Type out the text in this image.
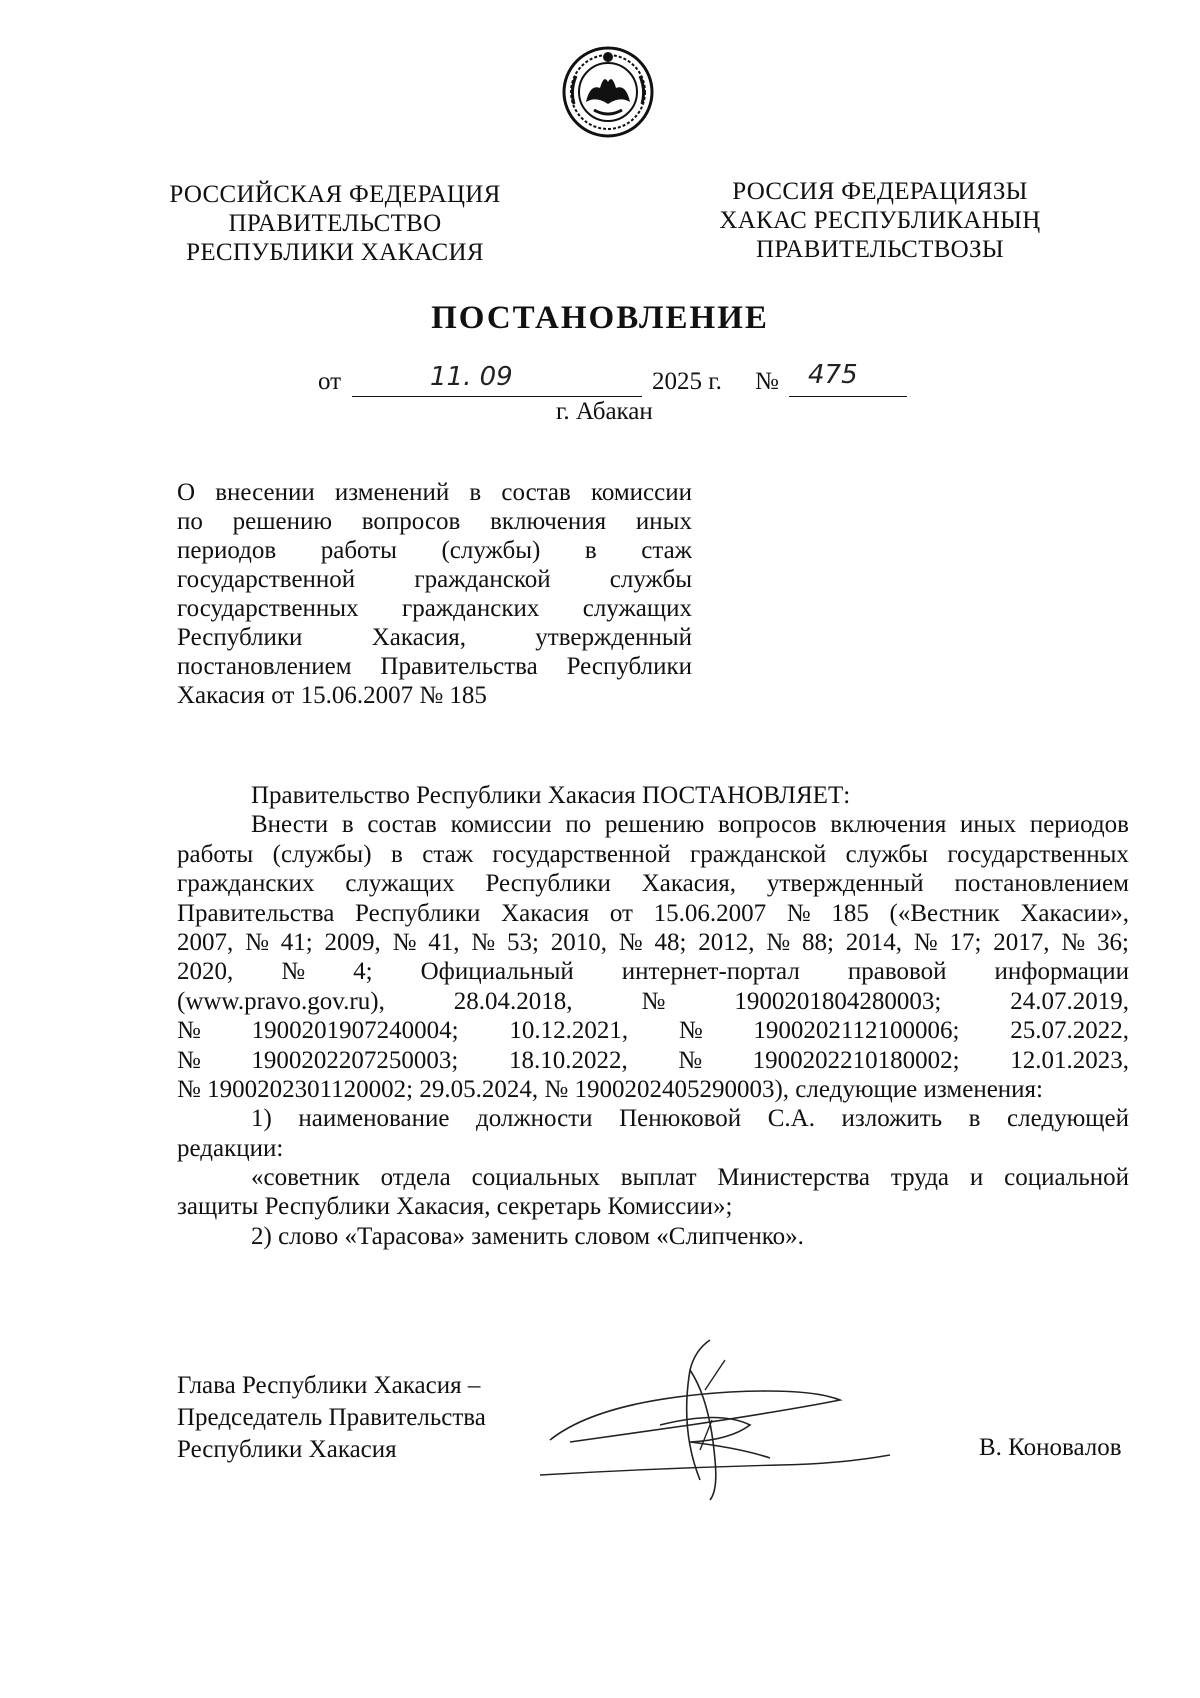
РОССИЙСКАЯ ФЕДЕРАЦИЯ
ПРАВИТЕЛЬСТВО
РЕСПУБЛИКИ ХАКАСИЯ
РОССИЯ ФЕДЕРАЦИЯЗЫ
ХАКАС РЕСПУБЛИКАНЫҢ
ПРАВИТЕЛЬСТВОЗЫ
ПОСТАНОВЛЕНИЕ
от	11. 09	2025 г. № 475
г. Абакан
О внесении изменений в состав комиссии
по решению вопросов включения иных
периодов работы (службы) в стаж
государственной гражданской службы
государственных гражданских служащих
Республики	Хакасия,	утвержденный
постановлением Правительства Республики
Хакасия от 15.06.2007 № 185
Правительство Республики Хакасия ПОСТАНОВЛЯЕТ:
Внести в состав комиссии по решению вопросов включения иных периодов
работы (службы) в стаж государственной гражданской службы государственных
гражданских служащих Республики Хакасия, утвержденный постановлением
Правительства Республики Хакасия от 15.06.2007 № 185 («Вестник Хакасии»,
2007, № 41; 2009, № 41, № 53; 2010, № 48; 2012, № 88; 2014, № 17; 2017, № 36;
2020, № 4; Официальный интернет-портал правовой информации
(www.pravo.gov.ru),	28.04.2018,	№	1900201804280003;	24.07.2019,
№ 1900201907240004; 10.12.2021, № 1900202112100006; 25.07.2022,
№ 1900202207250003; 18.10.2022, № 1900202210180002; 12.01.2023,
№ 1900202301120002; 29.05.2024, № 1900202405290003), следующие изменения:
1) наименование должности Пенюковой С.А. изложить в следующей
редакции:
«советник отдела социальных выплат Министерства труда и социальной
защиты Республики Хакасия, секретарь Комиссии»;
2) слово «Тарасова» заменить словом «Слипченко».
Глава Республики Хакасия –
Председатель Правительства
Республики Хакасия	В. Коновалов
